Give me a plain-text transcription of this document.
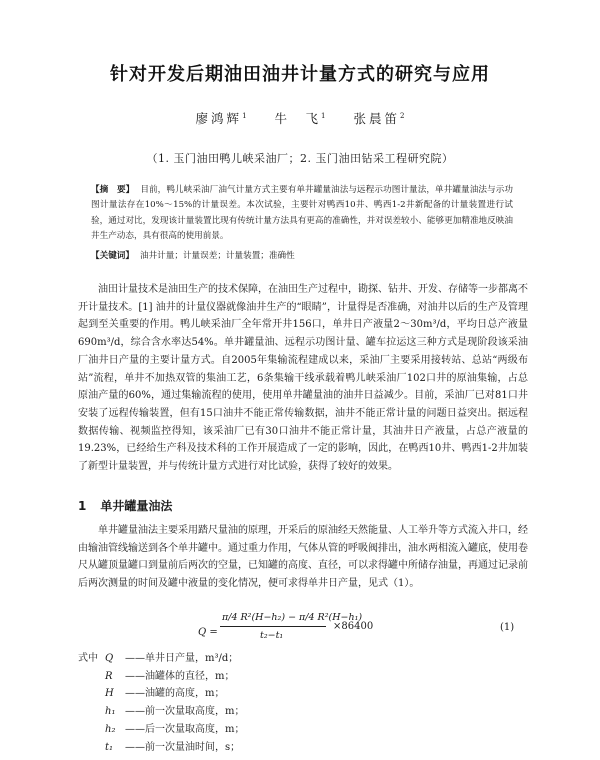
针对开发后期油田油井计量方式的研究与应用
廖鸿辉$^1$ 牛　飞$^1$ 张晨笛$^2$
（1. 玉门油田鸭儿峡采油厂；2. 玉门油田钻采工程研究院）
【摘　要】 目前，鸭儿峡采油厂油气计量方式主要有单井罐量油法与远程示功图计量法，单井罐量油法与示功图计量法存在10%～15%的计量误差。本次试验，主要针对鸭西10井、鸭西1-2井新配备的计量装置进行试验，通过对比，发现该计量装置比现有传统计量方法具有更高的准确性，并对误差较小、能够更加精准地反映油井生产动态，具有很高的使用前景。
【关键词】 油井计量；计量误差；计量装置；准确性
油田计量技术是油田生产的技术保障，在油田生产过程中，勘探、钻井、开发、存储等一步都离不开计量技术。[1] 油井的计量仪器就像油井生产的“眼睛”，计量得是否准确，对油井以后的生产及管理起到至关重要的作用。鸭儿峡采油厂全年常开井156口，单井日产液量2～30m³/d，平均日总产液量690m³/d，综合含水率达54%。单井罐量油、远程示功图计量、罐车拉运这三种方式是现阶段该采油厂油井日产量的主要计量方式。自2005年集输流程建成以来，采油厂主要采用接转站、总站“两级布站”流程，单井不加热双管的集油工艺，6条集输干线承载着鸭儿峡采油厂102口井的原油集输，占总原油产量的60%，通过集输流程的使用，使用单井罐量油的油井日益减少。目前，采油厂已对81口井安装了远程传输装置，但有15口油井不能正常传输数据，油井不能正常计量的问题日益突出。据远程数据传输、视频监控得知，该采油厂已有30口油井不能正常计量，其油井日产液量，占总产液量的19.23%，已经给生产科及技术科的工作开展造成了一定的影响，因此，在鸭西10井、鸭西1-2井加装了新型计量装置，并与传统计量方式进行对比试验，获得了较好的效果。
1 单井罐量油法
单井罐量油法主要采用踏尺量油的原理，开采后的原油经天然能量、人工举升等方式流入井口，经由输油管线输送到各个单井罐中。通过重力作用，气体从管的呼吸阀排出，油水两相流入罐底，使用卷尺从罐顶量罐口到量前后两次的空量，已知罐的高度、直径，可以求得罐中所储存油量，再通过记录前后两次测量的时间及罐中液量的变化情况，便可求得单井日产量，见式（1）。
Q =
π/4 R²(H−h₂) − π/4 R²(H−h₁)
t₂−t₁
×86400	(1)
式中 Q	——单井日产量，m³/d；
R	——油罐体的直径，m；
H	——油罐的高度，m；
h₁ ——前一次量取高度，m；
h₂ ——后一次量取高度，m；
t₁	——前一次量油时间，s；
